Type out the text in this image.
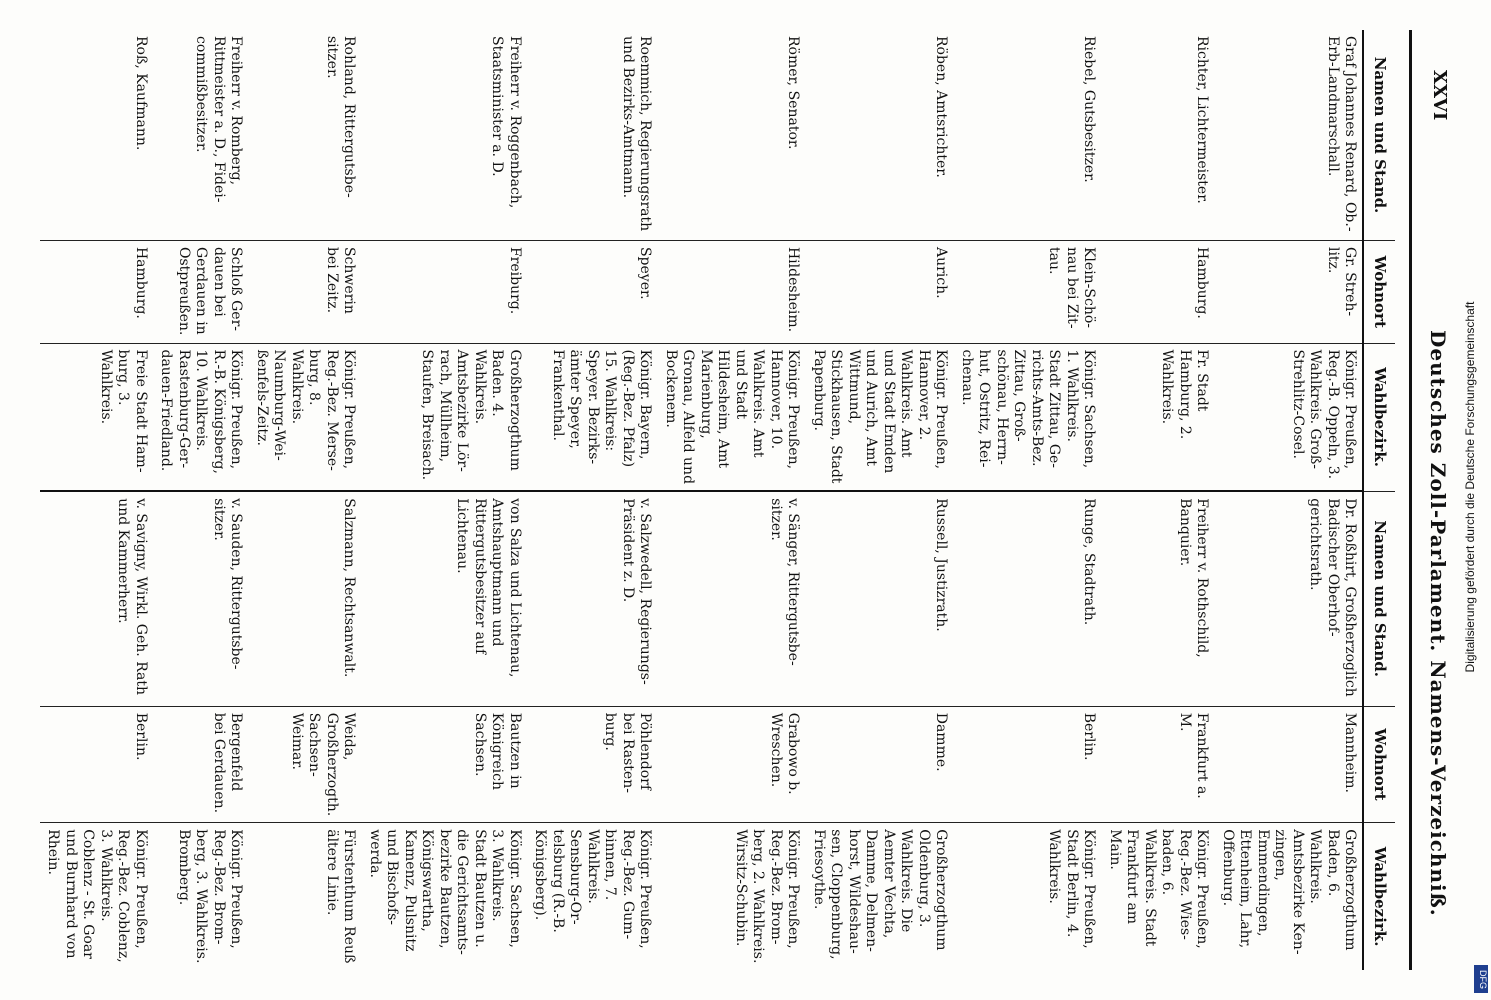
XXVI
Deutsches Zoll-Parlament. Namens-Verzeichniß.
Namen und Stand.	Wohnort	Wahlbezirk.	Namen und Stand.	Wohnort	Wahlbezirk.
Graf Johannes Renard, Ob.-Erb-Landmarschall.	Gr. Strehlitz.	Königr. Preußen, Reg.-B. Oppeln, 3. Wahlkreis. Groß-Strehlitz-Cosel.	Dr. Roßhirt, Großherzoglich Badischer Oberhofgerichtsrath.	Mannheim.	Großherzogthum Baden, 6. Wahlkreis. Amtsbezirke Kenzingen, Emmendingen, Ettenheim, Lahr, Offenburg.
Richter, Lichtermeister.	Hamburg.	Fr. Stadt Hamburg, 2. Wahlkreis.	Freiherr v. Rothschild, Banquier.	Frankfurt a. M.	Königr. Preußen, Reg.-Bez. Wiesbaden, 6. Wahlkreis. Stadt Frankfurt am Main.
Riebel, Gutsbesitzer.	Klein-Schönau bei Zittau.	Königr. Sachsen, 1. Wahlkreis. Stadt Zittau, Gerichts-Amts-Bez. Zittau, Großschönau, Herrnhut, Ostritz, Reichenau.	Runge, Stadtrath.	Berlin.	Königr. Preußen, Stadt Berlin, 4. Wahlkreis.
Röben, Amtsrichter.	Aurich.	Königr. Preußen, Hannover, 2. Wahlkreis. Amt und Stadt Emden und Aurich, Amt Wittmund, Stickhausen, Stadt Papenburg.	Russell, Justizrath.	Damme.	Großherzogthum Oldenburg, 3. Wahlkreis. Die Aemter Vechta, Damme, Delmenhorst, Wildeshausen, Cloppenburg, Friesoythe.
Römer, Senator.	Hildesheim.	Königr. Preußen, Hannover, 10. Wahlkreis. Amt und Stadt Hildesheim, Amt Marienburg, Gronau, Alfeld und Bockenem.	v. Sänger, Rittergutsbesitzer.	Grabowo b. Wreschen.	Königr. Preußen, Reg.-Bez. Bromberg, 2. Wahlkreis. Wirsitz-Schubin.
Roemmich, Regierungsrath und Bezirks-Amtmann.	Speyer.	Königr. Bayern, (Reg.-Bez. Pfalz) 15. Wahlkreis: Speyer. Bezirksämter Speyer, Frankenthal.	v. Salzwedell, Regierungs-Präsident z. D.	Pöhlendorf bei Rastenburg.	Königr. Preußen, Reg.-Bez. Gumbinnen, 7. Wahlkreis. Sensburg-Ortelsburg (R.-B. Königsberg).
Freiherr v. Roggenbach, Staatsminister a. D.	Freiburg.	Großherzogthum Baden. 4. Wahlkreis. Amtsbezirke Lörrach, Müllheim, Staufen, Breisach.	von Salza und Lichtenau, Amtshauptmann und Rittergutsbesitzer auf Lichtenau.	Bautzen in Königreich Sachsen.	Königr. Sachsen, 3. Wahlkreis. Stadt Bautzen u. die Gerichtsamtsbezirke Bautzen, Königswartha, Kamenz, Pulsnitz und Bischofswerda.
Rohland, Rittergutsbesitzer.	Schwerin bei Zeitz.	Königr. Preußen, Reg.-Bez. Merseburg, 8. Wahlkreis. Naumburg-Weißenfels-Zeitz.	Salzmann, Rechtsanwalt.	Weida, Großherzogth. Sachsen-Weimar.	Fürstenthum Reuß ältere Linie.
Freiherr v. Romberg, Rittmeister a. D., Fideicommißbesitzer.	Schloß Gerdauen bei Gerdauen in Ostpreußen.	Königr. Preußen, R.-B. Königsberg, 10. Wahlkreis. Rastenburg-Gerdauen-Friedland.	v. Sauden, Rittergutsbesitzer.	Bergenfeld bei Gerdauen.	Königr. Preußen, Reg.-Bez. Bromberg, 3. Wahlkreis. Bromberg.
Roß, Kaufmann.	Hamburg.	Freie Stadt Hamburg, 3. Wahlkreis.	v. Savigny, Wirkl. Geh. Rath und Kammerherr.	Berlin.	Königr. Preußen, Reg.-Bez. Coblenz, 3. Wahlkreis. Coblenz - St. Goar und Burnhard von Rhein.
Digitalisierung gefördert durch die Deutsche Forschungsgemeinschaft
DFG
